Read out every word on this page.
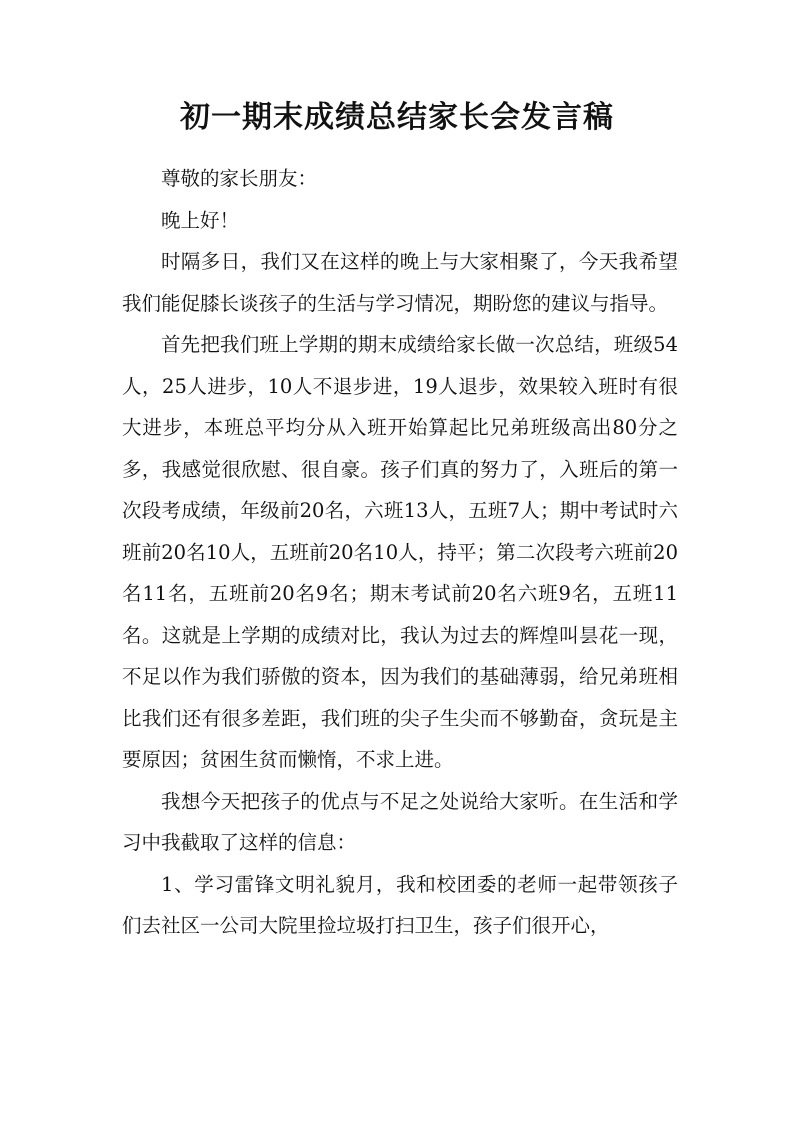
初一期末成绩总结家长会发言稿

尊敬的家长朋友：

晚上好！

时隔多日，我们又在这样的晚上与大家相聚了，今天我希望我们能促膝长谈孩子的生活与学习情况，期盼您的建议与指导。

首先把我们班上学期的期末成绩给家长做一次总结，班级54人，25人进步，10人不退步进，19人退步，效果较入班时有很大进步，本班总平均分从入班开始算起比兄弟班级高出80分之多，我感觉很欣慰、很自豪。孩子们真的努力了，入班后的第一次段考成绩，年级前20名，六班13人，五班7人；期中考试时六班前20名10人，五班前20名10人，持平；第二次段考六班前20名11名，五班前20名9名；期末考试前20名六班9名，五班11名。这就是上学期的成绩对比，我认为过去的辉煌叫昙花一现，不足以作为我们骄傲的资本，因为我们的基础薄弱，给兄弟班相比我们还有很多差距，我们班的尖子生尖而不够勤奋，贪玩是主要原因；贫困生贫而懒惰，不求上进。

我想今天把孩子的优点与不足之处说给大家听。在生活和学习中我截取了这样的信息：

1、学习雷锋文明礼貌月，我和校团委的老师一起带领孩子们去社区一公司大院里捡垃圾打扫卫生，孩子们很开心，
